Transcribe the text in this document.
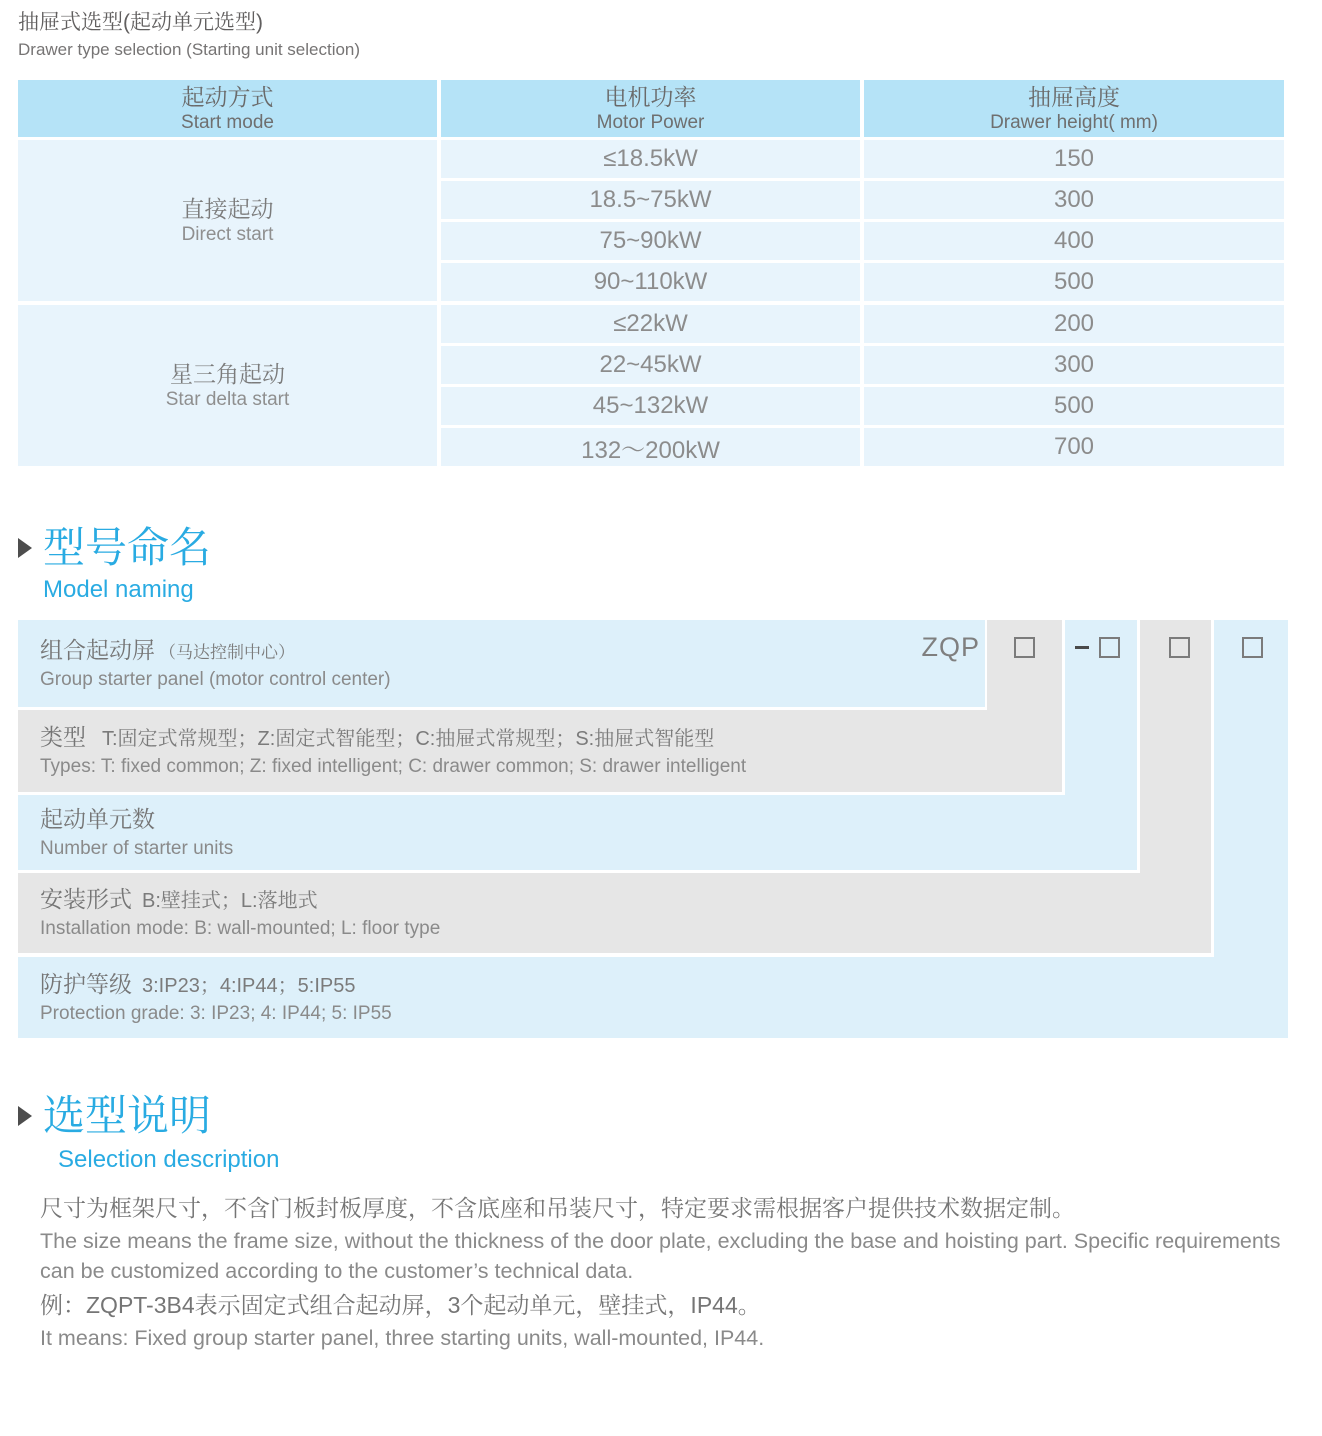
抽屉式选型(起动单元选型)
Drawer type selection (Starting unit selection)
起动方式
Start mode
电机功率
Motor Power
抽屉高度
Drawer height( mm)
直接起动
Direct start
≤18.5kW
18.5~75kW
75~90kW
90~110kW
150
300
400
500
星三角起动
Star delta start
≤22kW
22~45kW
45~132kW
132～200kW
200
300
500
700
型号命名
Model naming
组合起动屏 （马达控制中心）
Group starter panel (motor control center)
类型 T:固定式常规型；Z:固定式智能型；C:抽屉式常规型；S:抽屉式智能型
Types: T: fixed common; Z: fixed intelligent; C: drawer common; S: drawer intelligent
起动单元数
Number of starter units
安装形式 B:壁挂式；L:落地式
Installation mode: B: wall-mounted; L: floor type
防护等级 3:IP23；4:IP44；5:IP55
Protection grade: 3: IP23; 4: IP44; 5: IP55
ZQP
选型说明
Selection description
尺寸为框架尺寸，不含门板封板厚度，不含底座和吊装尺寸，特定要求需根据客户提供技术数据定制。
The size means the frame size, without the thickness of the door plate, excluding the base and hoisting part. Specific requirements can be customized according to the customer’s technical data.
例：ZQPT-3B4表示固定式组合起动屏，3个起动单元，壁挂式，IP44。
It means: Fixed group starter panel, three starting units, wall-mounted, IP44.
